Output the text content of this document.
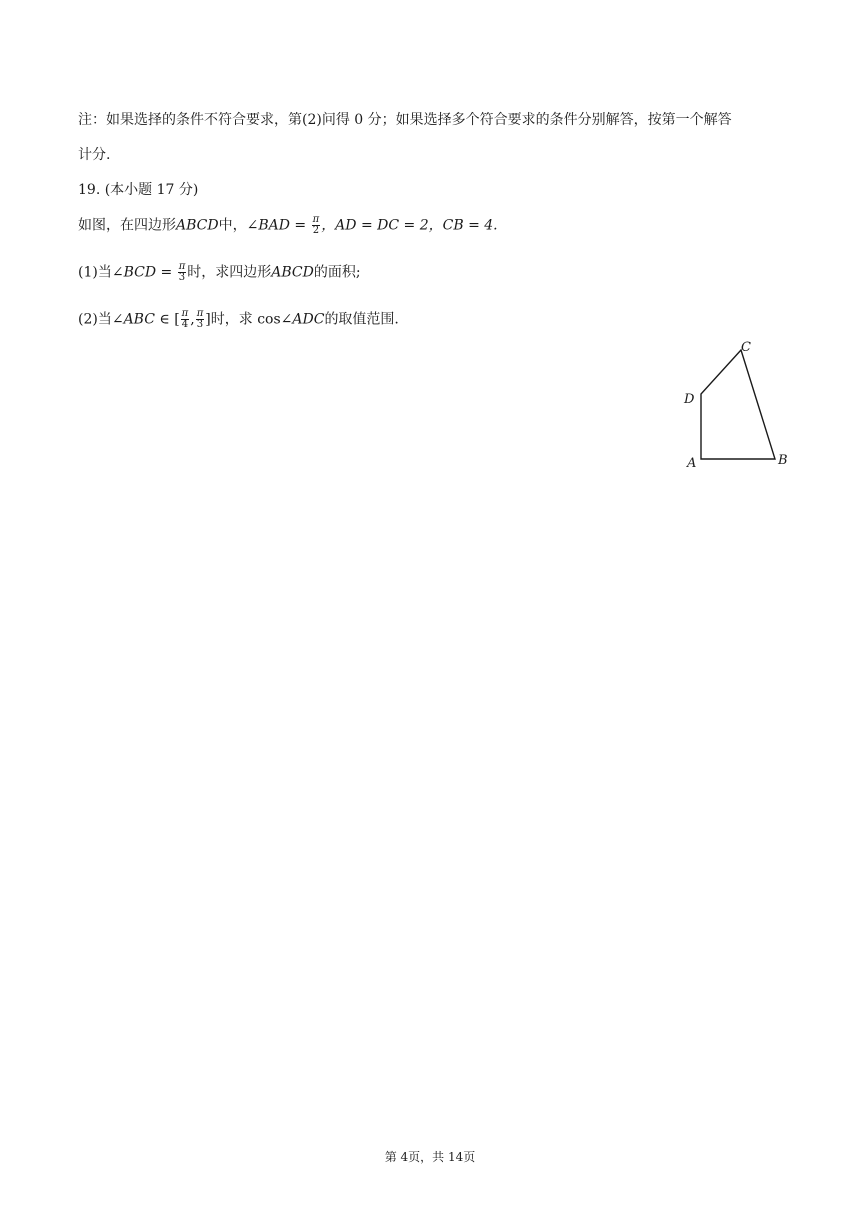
注：如果选择的条件不符合要求，第(2)问得 0 分；如果选择多个符合要求的条件分别解答，按第一个解答
计分.
19. (本小题 17 分)
如图，在四边形ABCD中，∠BAD = $\frac{\pi}{2}$ ，AD = DC = 2，CB = 4.
(1)当∠BCD = $\frac{\pi}{3}$ 时，求四边形ABCD的面积;
(2)当∠ABC ∈ [ $\frac{\pi}{4}$ , $\frac{\pi}{3}$ ]时，求 cos∠ADC的取值范围.
A	B
C
D
第 4页，共 14页
